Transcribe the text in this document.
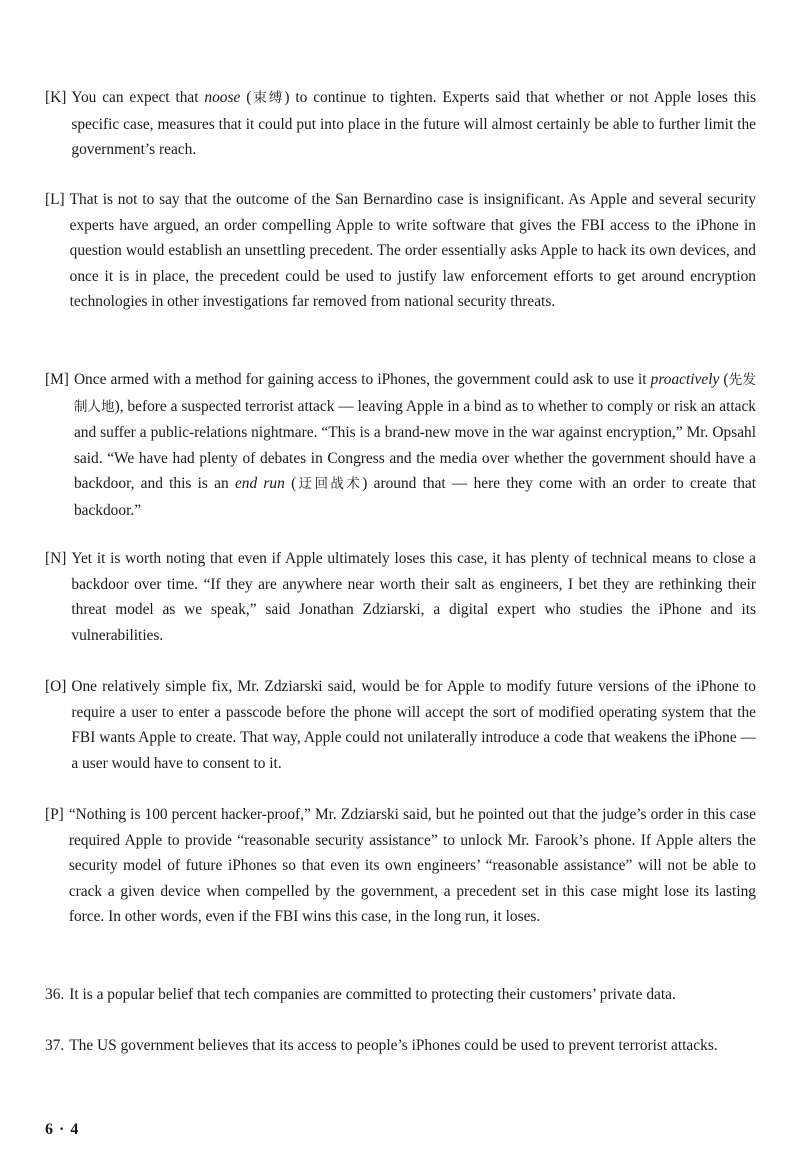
[K] You can expect that noose (束缚) to continue to tighten. Experts said that whether or not Apple loses this specific case, measures that it could put into place in the future will almost certainly be able to further limit the government’s reach.

[L] That is not to say that the outcome of the San Bernardino case is insignificant. As Apple and several security experts have argued, an order compelling Apple to write software that gives the FBI access to the iPhone in question would establish an unsettling precedent. The order essentially asks Apple to hack its own devices, and once it is in place, the precedent could be used to justify law enforcement efforts to get around encryption technologies in other investigations far removed from national security threats.

[M] Once armed with a method for gaining access to iPhones, the government could ask to use it proactively (先发制人地), before a suspected terrorist attack — leaving Apple in a bind as to whether to comply or risk an attack and suffer a public-relations nightmare. “This is a brand-new move in the war against encryption,” Mr. Opsahl said. “We have had plenty of debates in Congress and the media over whether the government should have a backdoor, and this is an end run (迂回战术) around that — here they come with an order to create that backdoor.”

[N] Yet it is worth noting that even if Apple ultimately loses this case, it has plenty of technical means to close a backdoor over time. “If they are anywhere near worth their salt as engineers, I bet they are rethinking their threat model as we speak,” said Jonathan Zdziarski, a digital expert who studies the iPhone and its vulnerabilities.

[O] One relatively simple fix, Mr. Zdziarski said, would be for Apple to modify future versions of the iPhone to require a user to enter a passcode before the phone will accept the sort of modified operating system that the FBI wants Apple to create. That way, Apple could not unilaterally introduce a code that weakens the iPhone — a user would have to consent to it.

[P] “Nothing is 100 percent hacker-proof,” Mr. Zdziarski said, but he pointed out that the judge’s order in this case required Apple to provide “reasonable security assistance” to unlock Mr. Farook’s phone. If Apple alters the security model of future iPhones so that even its own engineers’ “reasonable assistance” will not be able to crack a given device when compelled by the government, a precedent set in this case might lose its lasting force. In other words, even if the FBI wins this case, in the long run, it loses.

36. It is a popular belief that tech companies are committed to protecting their customers’ private data.

37. The US government believes that its access to people’s iPhones could be used to prevent terrorist attacks.

6 · 4
